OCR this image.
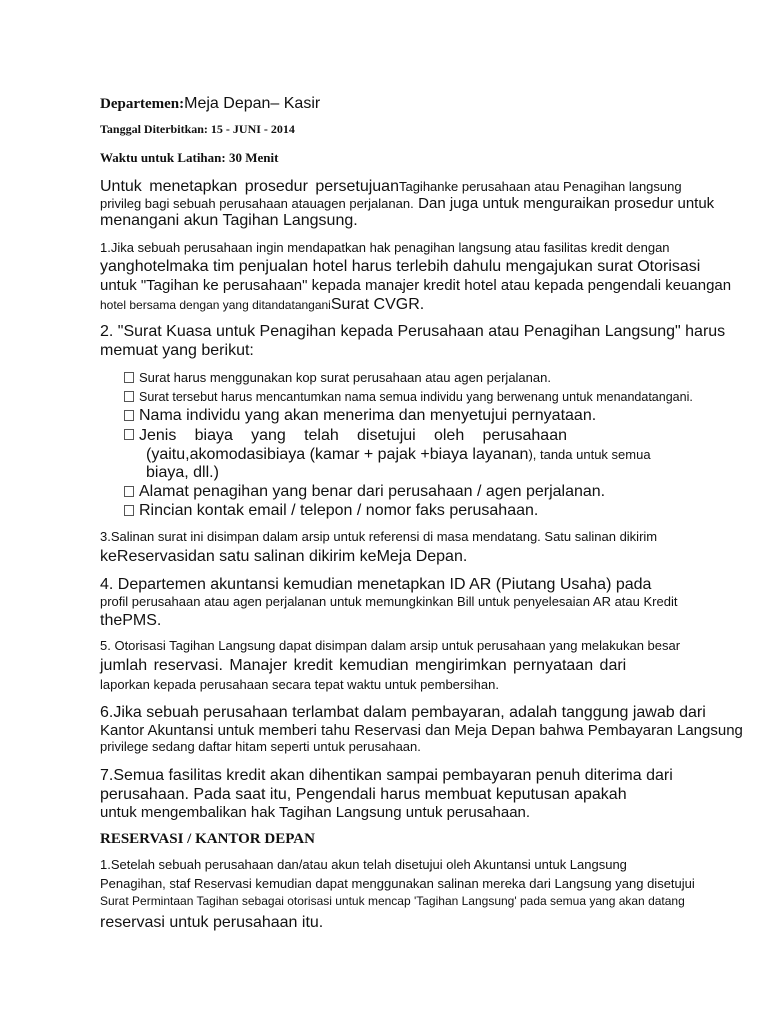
Departemen:Meja Depan– Kasir
Tanggal Diterbitkan: 15 - JUNI - 2014
Waktu untuk Latihan: 30 Menit
Untuk menetapkan prosedur persetujuanTagihanke perusahaan atau Penagihan langsung
privileg bagi sebuah perusahaan atauagen perjalanan. Dan juga untuk menguraikan prosedur untuk
menangani akun Tagihan Langsung.
1.Jika sebuah perusahaan ingin mendapatkan hak penagihan langsung atau fasilitas kredit dengan
yanghotelmaka tim penjualan hotel harus terlebih dahulu mengajukan surat Otorisasi
untuk "Tagihan ke perusahaan" kepada manajer kredit hotel atau kepada pengendali keuangan
hotel bersama dengan yang ditandatanganiSurat CVGR.
2. "Surat Kuasa untuk Penagihan kepada Perusahaan atau Penagihan Langsung" harus
memuat yang berikut:
Surat harus menggunakan kop surat perusahaan atau agen perjalanan.
Surat tersebut harus mencantumkan nama semua individu yang berwenang untuk menandatangani.
Nama individu yang akan menerima dan menyetujui pernyataan.
Jenis biaya yang telah disetujui oleh perusahaan
(yaitu,akomodasibiaya (kamar + pajak +biaya layanan), tanda untuk semua
biaya, dll.)
Alamat penagihan yang benar dari perusahaan / agen perjalanan.
Rincian kontak email / telepon / nomor faks perusahaan.
3.Salinan surat ini disimpan dalam arsip untuk referensi di masa mendatang. Satu salinan dikirim
keReservasidan satu salinan dikirim keMeja Depan.
4. Departemen akuntansi kemudian menetapkan ID AR (Piutang Usaha) pada
profil perusahaan atau agen perjalanan untuk memungkinkan Bill untuk penyelesaian AR atau Kredit
thePMS.
5. Otorisasi Tagihan Langsung dapat disimpan dalam arsip untuk perusahaan yang melakukan besar
jumlah reservasi. Manajer kredit kemudian mengirimkan pernyataan dari
laporkan kepada perusahaan secara tepat waktu untuk pembersihan.
6.Jika sebuah perusahaan terlambat dalam pembayaran, adalah tanggung jawab dari
Kantor Akuntansi untuk memberi tahu Reservasi dan Meja Depan bahwa Pembayaran Langsung
privilege sedang daftar hitam seperti untuk perusahaan.
7.Semua fasilitas kredit akan dihentikan sampai pembayaran penuh diterima dari
perusahaan. Pada saat itu, Pengendali harus membuat keputusan apakah
untuk mengembalikan hak Tagihan Langsung untuk perusahaan.
RESERVASI / KANTOR DEPAN
1.Setelah sebuah perusahaan dan/atau akun telah disetujui oleh Akuntansi untuk Langsung
Penagihan, staf Reservasi kemudian dapat menggunakan salinan mereka dari Langsung yang disetujui
Surat Permintaan Tagihan sebagai otorisasi untuk mencap 'Tagihan Langsung' pada semua yang akan datang
reservasi untuk perusahaan itu.
